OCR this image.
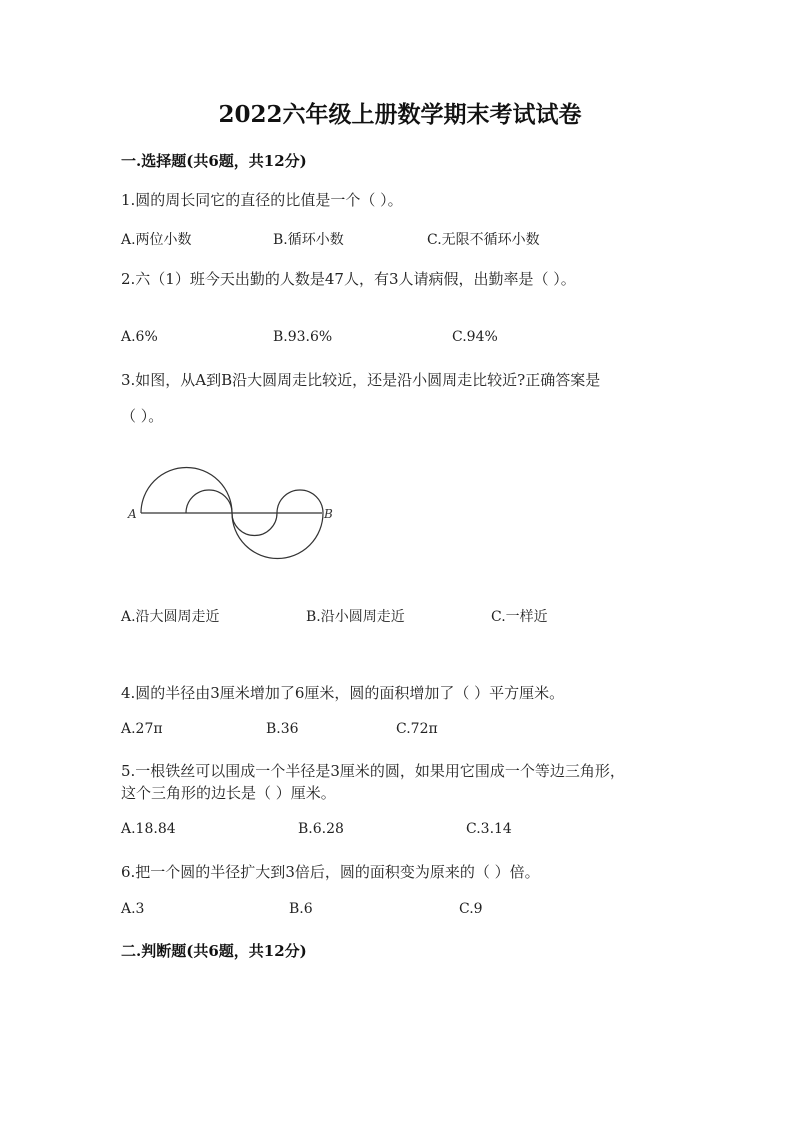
2022六年级上册数学期末考试试卷
一.选择题(共6题，共12分)
1.圆的周长同它的直径的比值是一个（ ）。
A.两位小数	B.循环小数	C.无限不循环小数
2.六（1）班今天出勤的人数是47人，有3人请病假，出勤率是（ ）。
A.6%	B.93.6%	C.94%
3.如图，从A到B沿大圆周走比较近，还是沿小圆周走比较近?正确答案是
（ ）。
A	B
A.沿大圆周走近	B.沿小圆周走近	C.一样近
4.圆的半径由3厘米增加了6厘米，圆的面积增加了（ ）平方厘米。
A.27π	B.36	C.72π
5.一根铁丝可以围成一个半径是3厘米的圆，如果用它围成一个等边三角形，
这个三角形的边长是（ ）厘米。
A.18.84	B.6.28	C.3.14
6.把一个圆的半径扩大到3倍后，圆的面积变为原来的（ ）倍。
A.3	B.6	C.9
二.判断题(共6题，共12分)
